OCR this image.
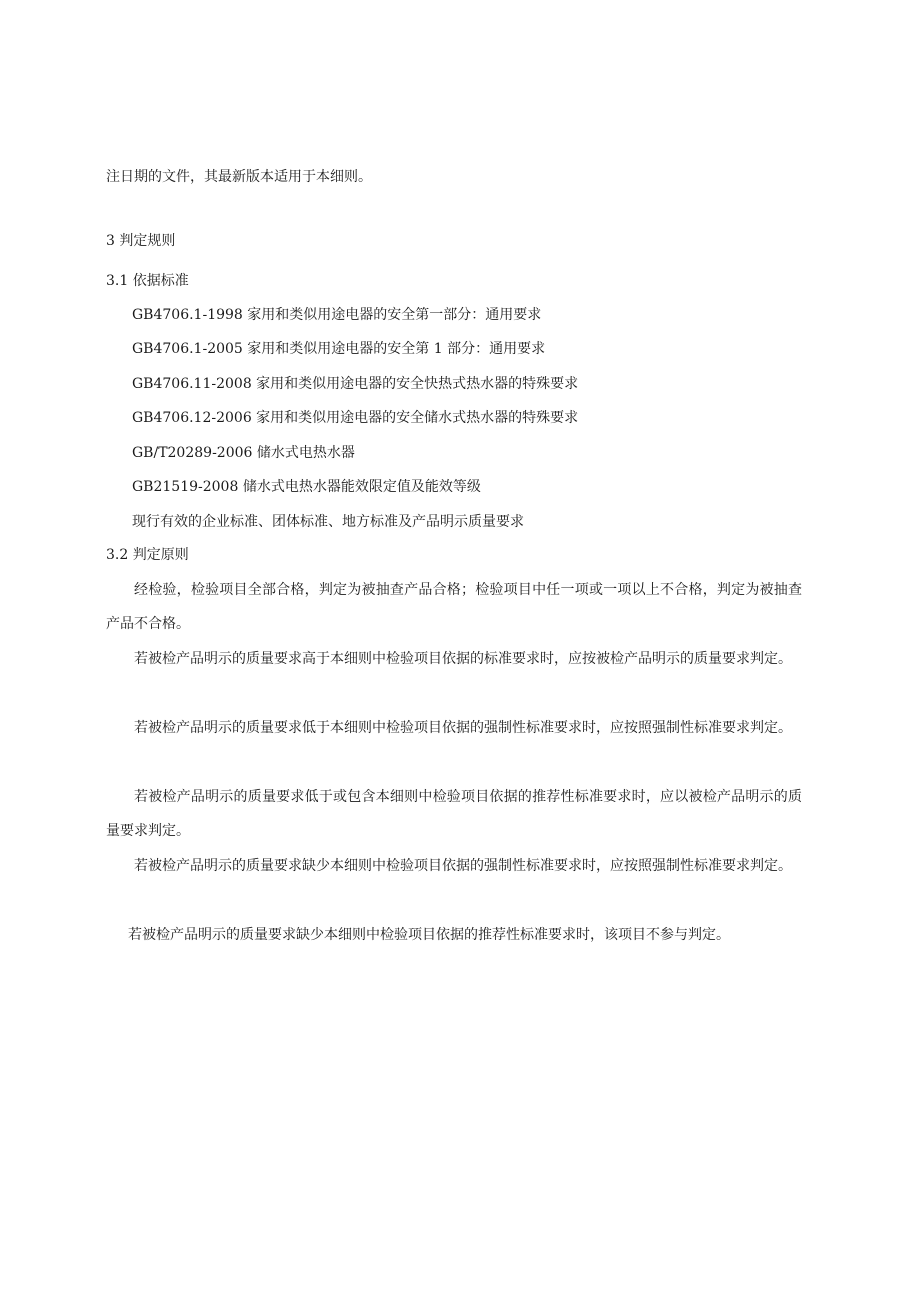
注日期的文件，其最新版本适用于本细则。
3 判定规则
3.1 依据标准
GB4706.1-1998 家用和类似用途电器的安全第一部分：通用要求
GB4706.1-2005 家用和类似用途电器的安全第 1 部分：通用要求
GB4706.11-2008 家用和类似用途电器的安全快热式热水器的特殊要求
GB4706.12-2006 家用和类似用途电器的安全储水式热水器的特殊要求
GB/T20289-2006 储水式电热水器
GB21519-2008 储水式电热水器能效限定值及能效等级
现行有效的企业标准、团体标准、地方标准及产品明示质量要求
3.2 判定原则
经检验，检验项目全部合格，判定为被抽查产品合格；检验项目中任一项或一项以上不合格，判定为被抽查产品不合格。
若被检产品明示的质量要求高于本细则中检验项目依据的标准要求时，应按被检产品明示的质量要求判定。
若被检产品明示的质量要求低于本细则中检验项目依据的强制性标准要求时，应按照强制性标准要求判定。
若被检产品明示的质量要求低于或包含本细则中检验项目依据的推荐性标准要求时，应以被检产品明示的质量要求判定。
若被检产品明示的质量要求缺少本细则中检验项目依据的强制性标准要求时，应按照强制性标准要求判定。
若被检产品明示的质量要求缺少本细则中检验项目依据的推荐性标准要求时，该项目不参与判定。
